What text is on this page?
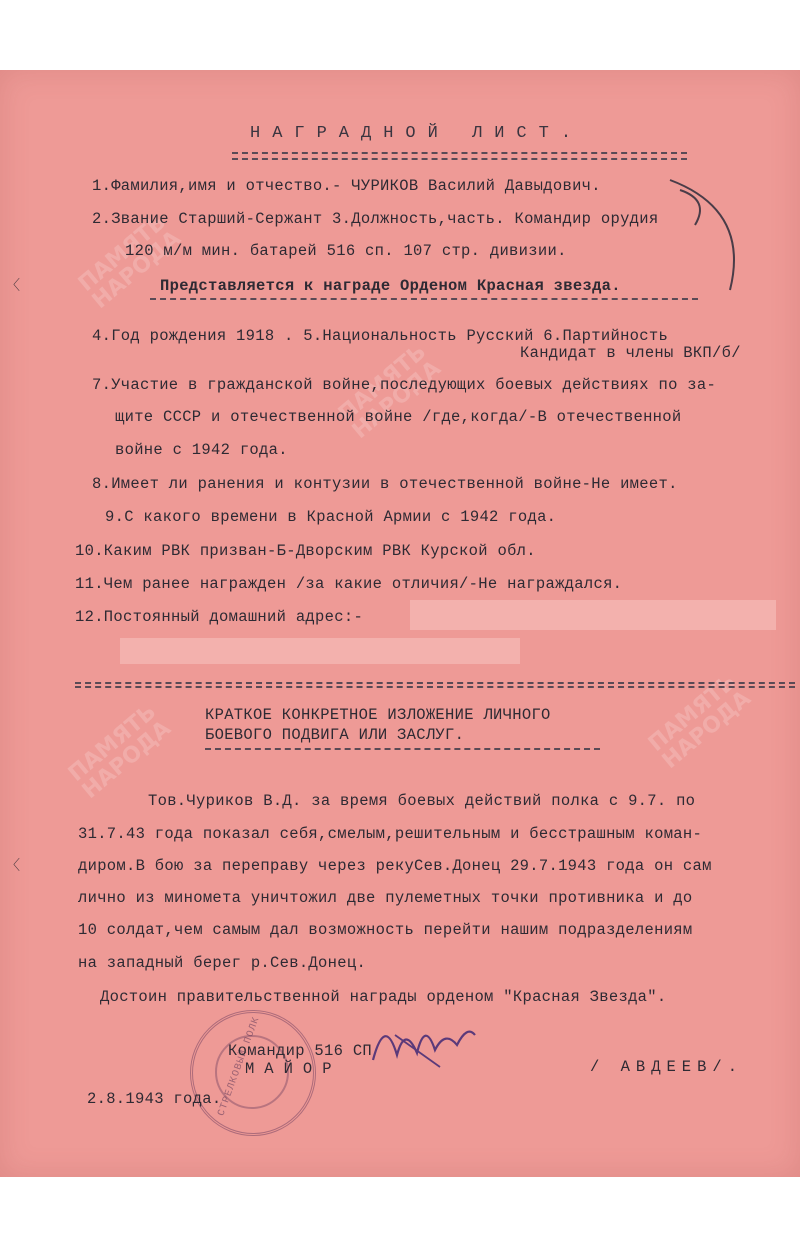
ПАМЯТЬ НАРОДА
ПАМЯТЬ НАРОДА
ПАМЯТЬ НАРОДА
ПАМЯТЬ НАРОДА
〈
〈
НАГРАДНОЙ ЛИСТ.
1.Фамилия,имя и отчество.- ЧУРИКОВ Василий Давыдович.
2.Звание Старший-Сержант 3.Должность,часть. Командир орудия
120 м/м мин. батарей 516 сп. 107 стр. дивизии.
Представляется к награде Орденом Красная звезда.
4.Год рождения 1918 . 5.Национальность Русский 6.Партийность
Кандидат в члены ВКП/б/
7.Участие в гражданской войне,последующих боевых действиях по за-
щите СССР и отечественной войне /где,когда/-В отечественной
войне с 1942 года.
8.Имеет ли ранения и контузии в отечественной войне-Не имеет.
9.С какого времени в Красной Армии с 1942 года.
10.Каким РВК призван-Б-Дворским РВК Курской обл.
11.Чем ранее награжден /за какие отличия/-Не награждался.
12.Постоянный домашний адрес:-
КРАТКОЕ КОНКРЕТНОЕ ИЗЛОЖЕНИЕ ЛИЧНОГО
БОЕВОГО ПОДВИГА ИЛИ ЗАСЛУГ.
Тов.Чуриков В.Д. за время боевых действий полка с 9.7. по
31.7.43 года показал себя,смелым,решительным и бесстрашным коман-
диром.В бою за переправу через рекуСев.Донец 29.7.1943 года он сам
лично из миномета уничтожил две пулеметных точки противника и до
10 солдат,чем самым дал возможность перейти нашим подразделениям
на западный берег р.Сев.Донец.
Достоин правительственной награды орденом "Красная Звезда".
СТРЕЛКОВЫЙ ПОЛК
Командир 516 СП
МАЙОР	/ АВДЕЕВ/.
2.8.1943 года.
